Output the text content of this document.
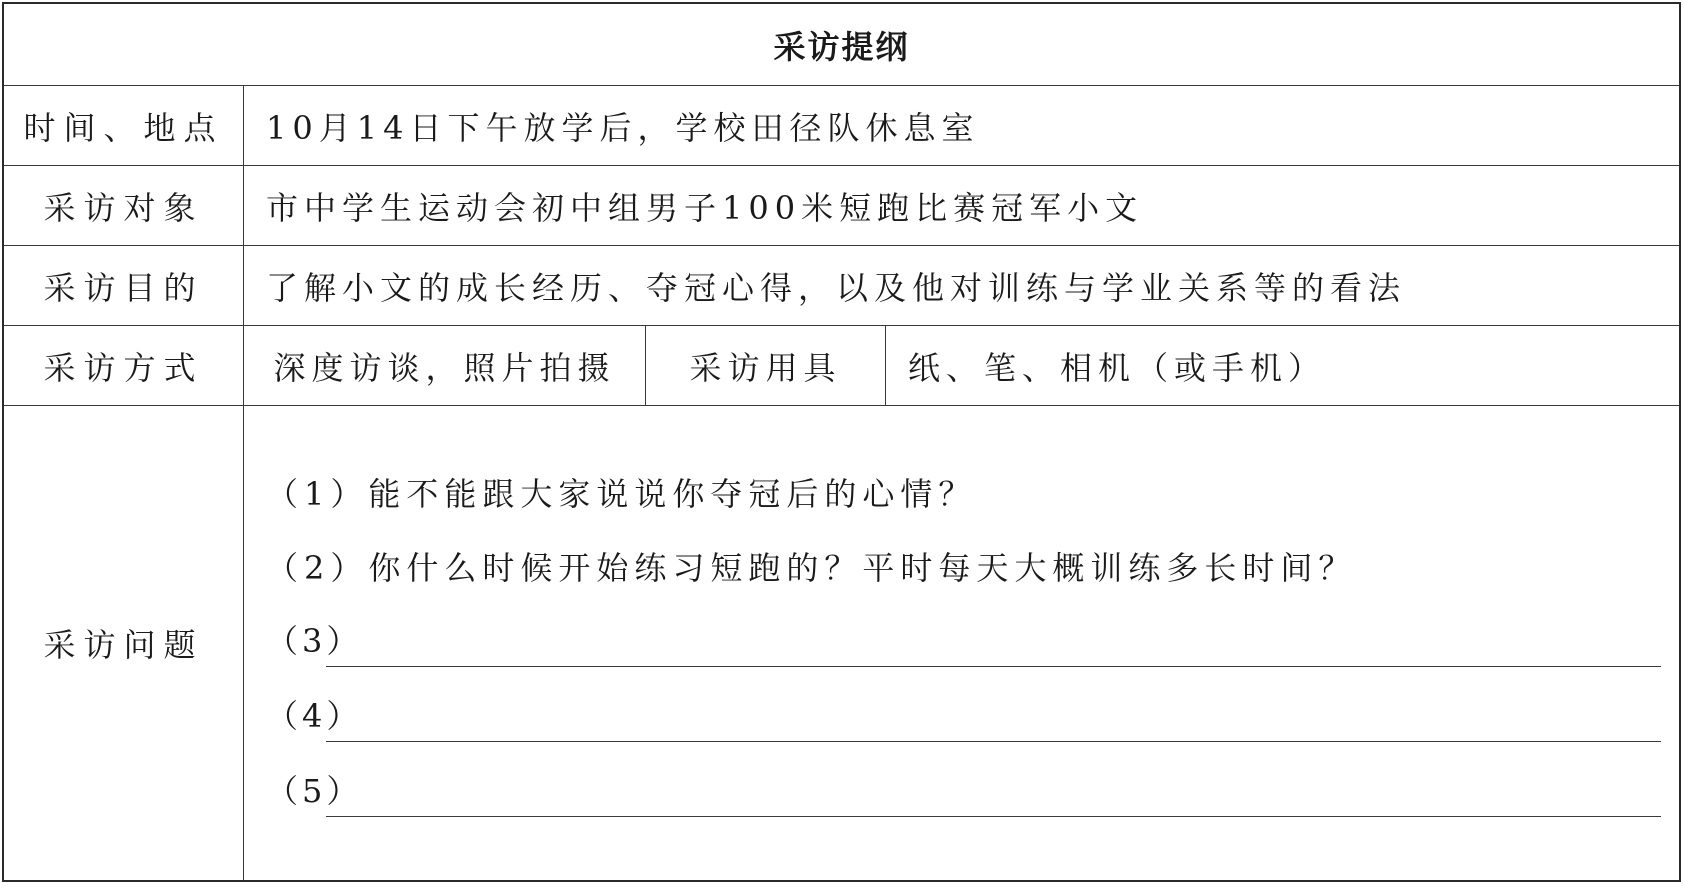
采访提纲
时间、地点	10月14日下午放学后，学校田径队休息室
采访对象	市中学生运动会初中组男子100米短跑比赛冠军小文
采访目的	了解小文的成长经历、夺冠心得，以及他对训练与学业关系等的看法
采访方式	深度访谈，照片拍摄	采访用具	纸、笔、相机（或手机）
采访问题
（1）能不能跟大家说说你夺冠后的心情？
（2）你什么时候开始练习短跑的？平时每天大概训练多长时间？
（3）
（4）
（5）
